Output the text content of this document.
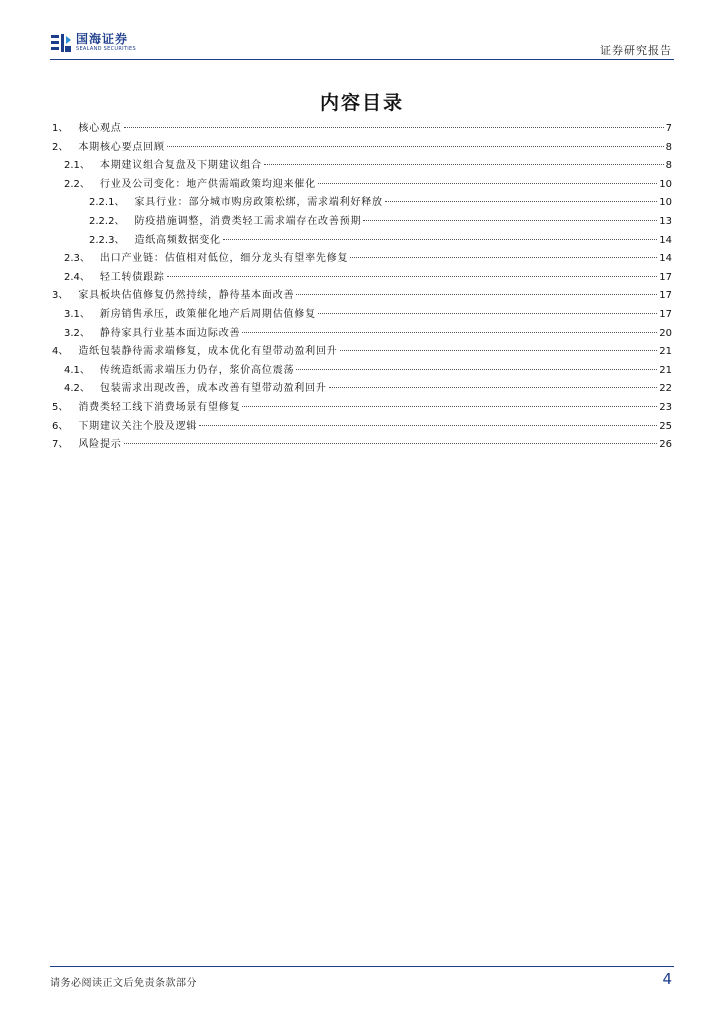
国海证券
SEALAND SECURITIES	证券研究报告
内容目录
1、 核心观点	7
2、 本期核心要点回顾	8
2.1、 本期建议组合复盘及下期建议组合	8
2.2、 行业及公司变化：地产供需端政策均迎来催化	10
2.2.1、 家具行业：部分城市购房政策松绑，需求端利好释放	10
2.2.2、 防疫措施调整，消费类轻工需求端存在改善预期	13
2.2.3、 造纸高频数据变化	14
2.3、 出口产业链：估值相对低位，细分龙头有望率先修复	14
2.4、 轻工转债跟踪	17
3、 家具板块估值修复仍然持续，静待基本面改善	17
3.1、 新房销售承压，政策催化地产后周期估值修复	17
3.2、 静待家具行业基本面边际改善	20
4、 造纸包装静待需求端修复，成本优化有望带动盈利回升	21
4.1、 传统造纸需求端压力仍存，浆价高位震荡	21
4.2、 包装需求出现改善，成本改善有望带动盈利回升	22
5、 消费类轻工线下消费场景有望修复	23
6、 下期建议关注个股及逻辑	25
7、 风险提示	26
请务必阅读正文后免责条款部分	4
